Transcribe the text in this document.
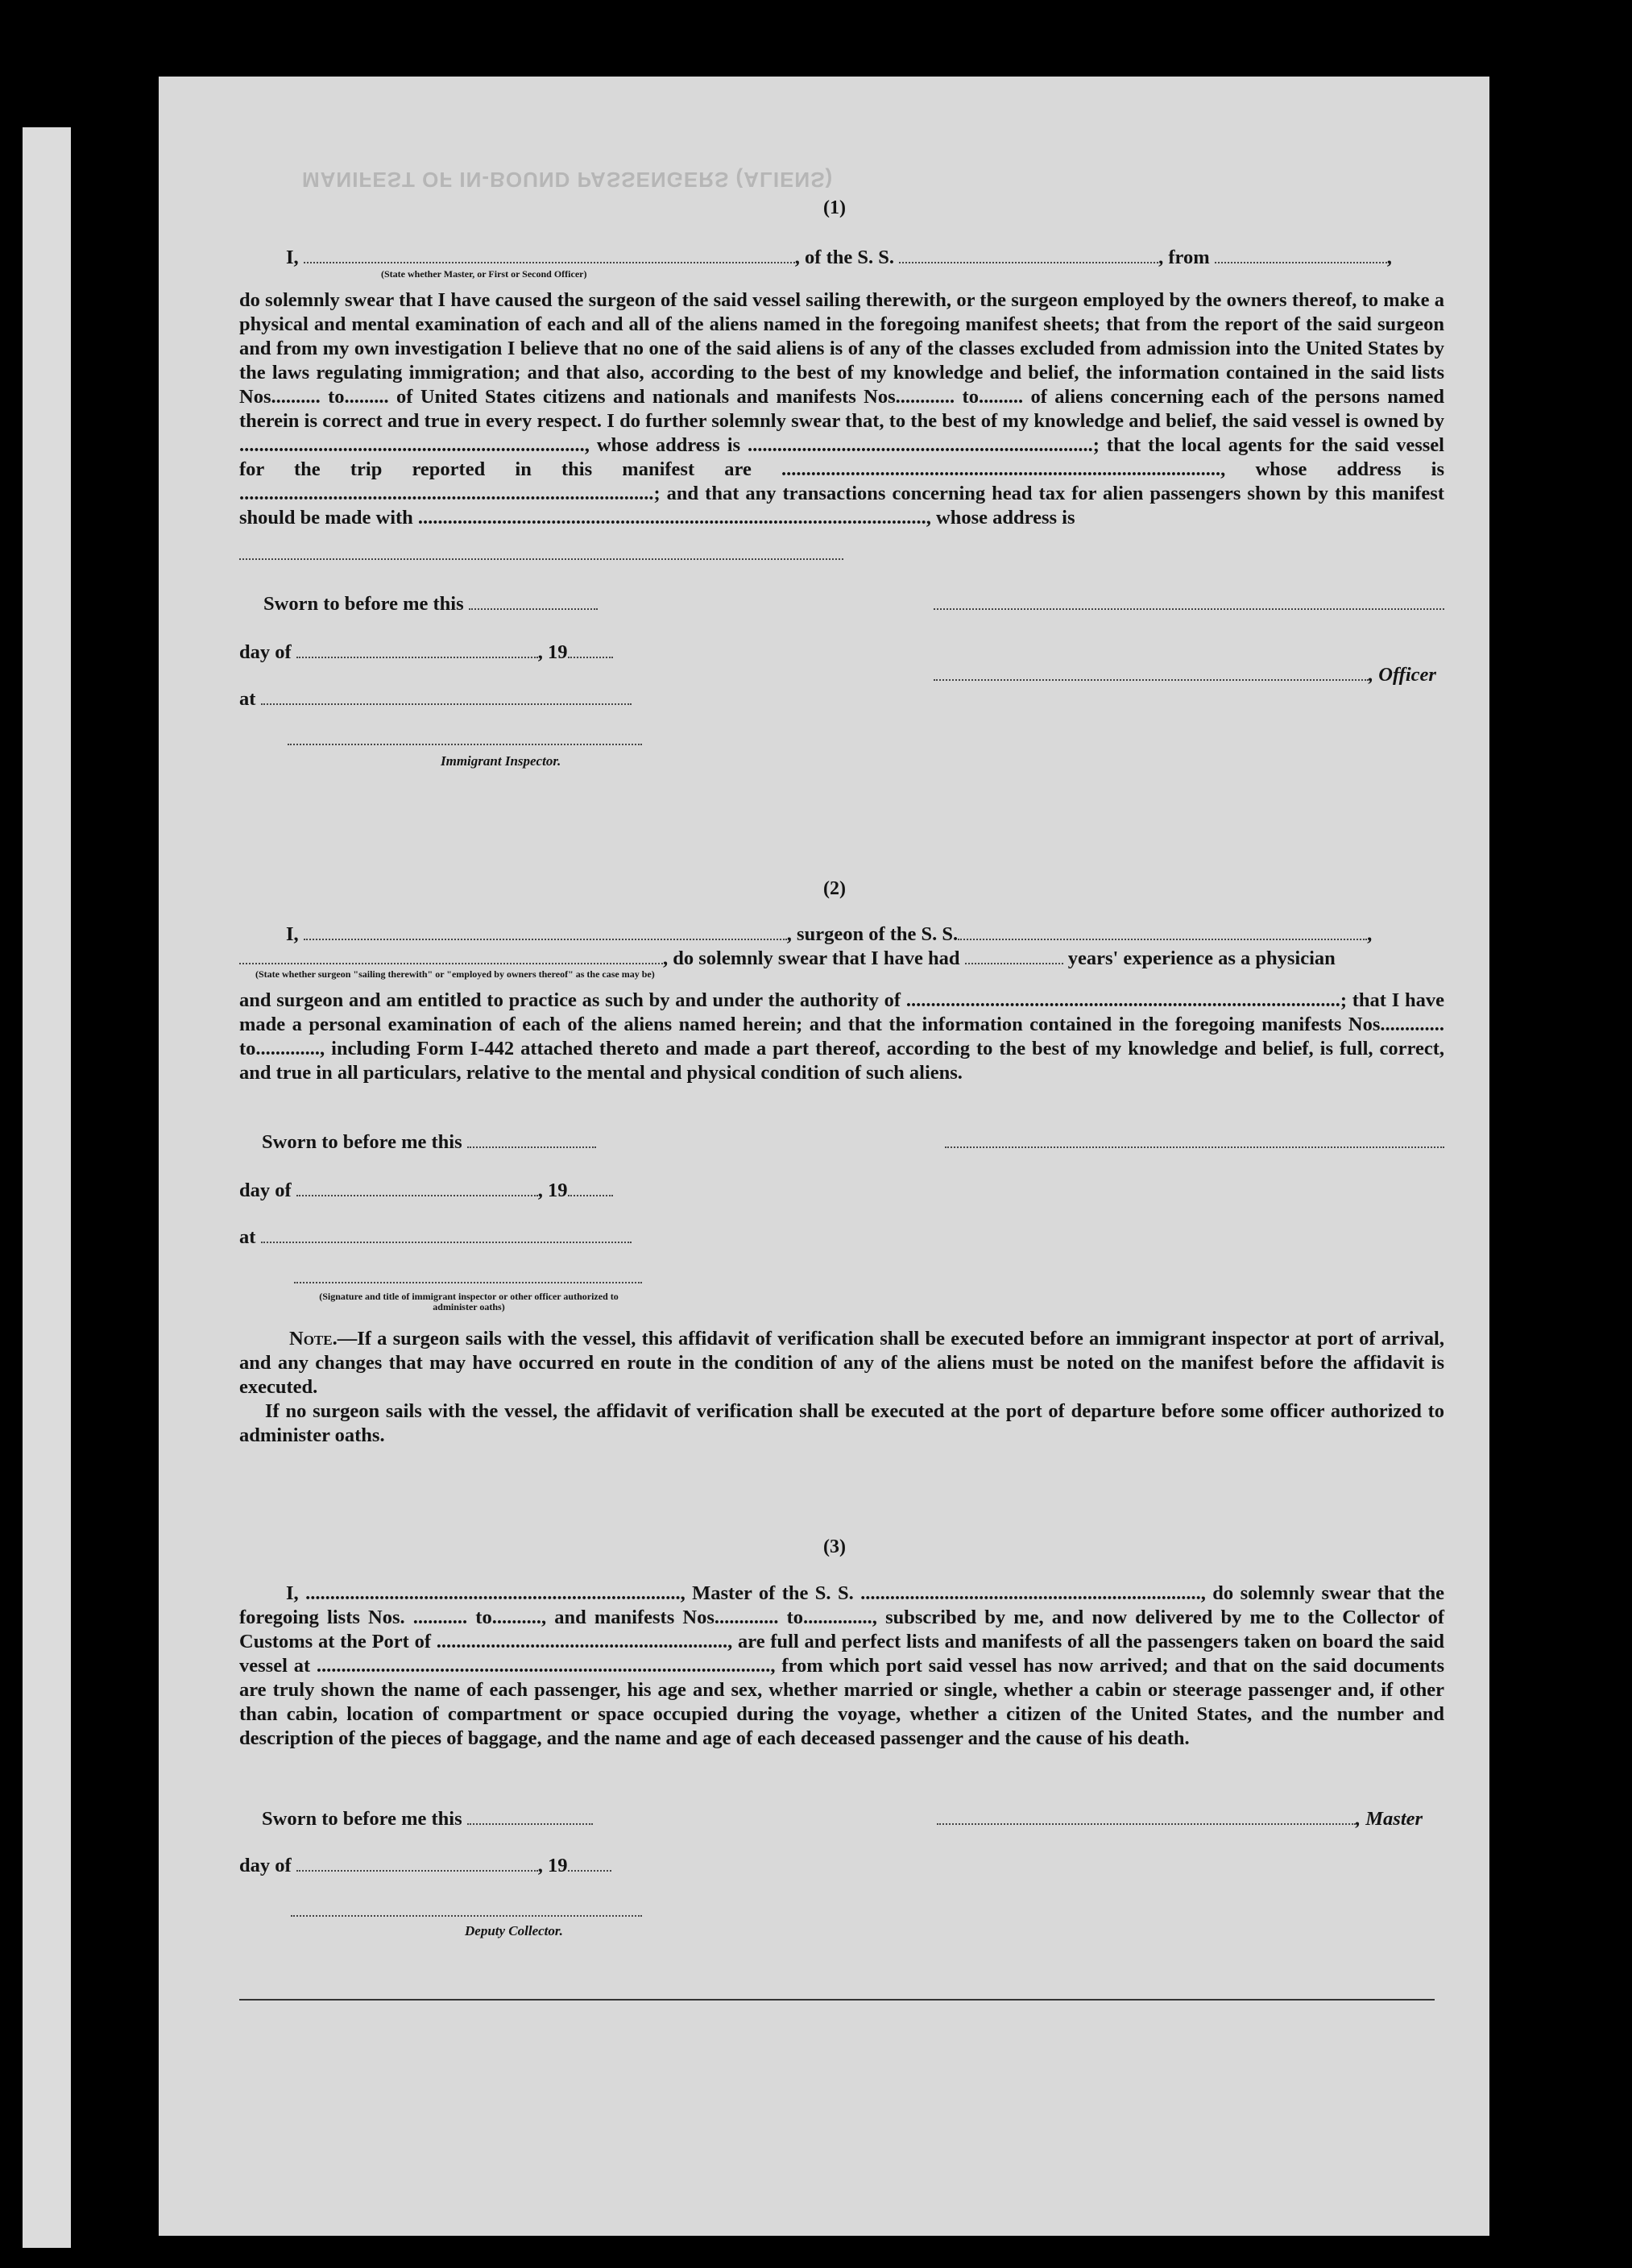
MANIFEST OF IN-BOUND PASSENGERS (ALIENS)
(1)
I,	, of the S. S.	, from	,
(State whether Master, or First or Second Officer)
do solemnly swear that I have caused the surgeon of the said vessel sailing therewith, or the surgeon employed by the owners thereof, to make a physical and mental examination of each and all of the aliens named in the foregoing manifest sheets; that from the report of the said surgeon and from my own investigation I believe that no one of the said aliens is of any of the classes excluded from admission into the United States by the laws regulating immigration; and that also, according to the best of my knowledge and belief, the information contained in the said lists Nos.......... to......... of United States citizens and nationals and manifests Nos............ to......... of aliens concerning each of the persons named therein is correct and true in every respect. I do further solemnly swear that, to the best of my knowledge and belief, the said vessel is owned by ......................................................................, whose address is ......................................................................; that the local agents for the said vessel for the trip reported in this manifest are ........................................................................................., whose address is ....................................................................................; and that any transactions concerning head tax for alien passengers shown by this manifest should be made with ......................................................................................................., whose address is
Sworn to before me this
day of	, 19
, Officer
at
Immigrant Inspector.
(2)
I,	, surgeon of the S. S.	,
, do solemnly swear that I have had	years' experience as a physician
(State whether surgeon "sailing therewith" or "employed by owners thereof" as the case may be)
and surgeon and am entitled to practice as such by and under the authority of ........................................................................................; that I have made a personal examination of each of the aliens named herein; and that the information contained in the foregoing manifests Nos............. to............., including Form I-442 attached thereto and made a part thereof, according to the best of my knowledge and belief, is full, correct, and true in all particulars, relative to the mental and physical condition of such aliens.
Sworn to before me this
day of	, 19
at
(Signature and title of immigrant inspector or other officer authorized to administer oaths)
Note.—If a surgeon sails with the vessel, this affidavit of verification shall be executed before an immigrant inspector at port of arrival, and any changes that may have occurred en route in the condition of any of the aliens must be noted on the manifest before the affidavit is executed.
If no surgeon sails with the vessel, the affidavit of verification shall be executed at the port of departure before some officer authorized to administer oaths.
(3)
I, ............................................................................, Master of the S. S. ....................................................................., do solemnly swear that the foregoing lists Nos. ........... to.........., and manifests Nos............. to.............., subscribed by me, and now delivered by me to the Collector of Customs at the Port of ..........................................................., are full and perfect lists and manifests of all the passengers taken on board the said vessel at ............................................................................................, from which port said vessel has now arrived; and that on the said documents are truly shown the name of each passenger, his age and sex, whether married or single, whether a cabin or steerage passenger and, if other than cabin, location of compartment or space occupied during the voyage, whether a citizen of the United States, and the number and description of the pieces of baggage, and the name and age of each deceased passenger and the cause of his death.
Sworn to before me this	, Master
day of	, 19
Deputy Collector.
